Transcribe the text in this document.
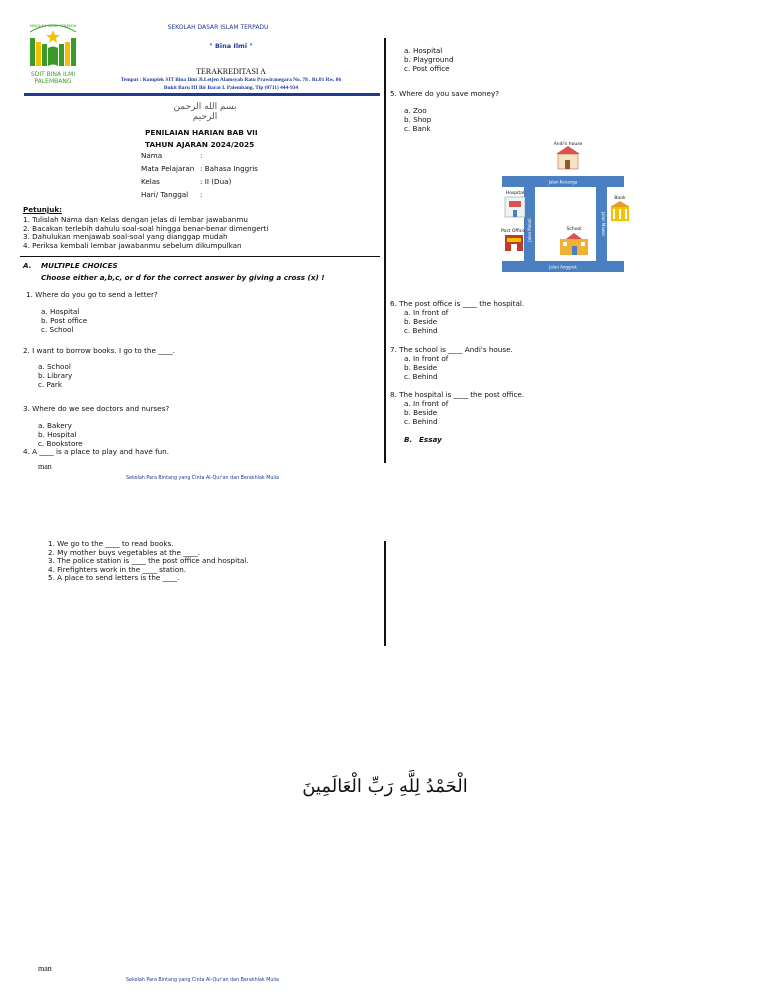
SEKOLAH ISLAM TERPADU
SDIT BINA ILMI
PALEMBANG
SEKOLAH DASAR ISLAM TERPADU
" Bina Ilmi "
TERAKREDITASI A
Tempat : Komplek SIT Bina Ilmi Jl.Letjen Alamsyah Ratu Prawiranegara No. 78 . Rt.01 Rw. 06
Bukit Baru III Ilir Barat I. Palembang. Tlp (0711) 444-934
بسم الله الرحمن الرحيم
PENILAIAN HARIAN BAB VII
TAHUN AJARAN 2024/2025
Nama	:
Mata Pelajaran : Bahasa Inggris
Kelas	: II (Dua)
Hari/ Tanggal :
Petunjuk:
1. Tulislah Nama dan Kelas dengan jelas di lembar jawabanmu
2. Bacakan terlebih dahulu soal-soal hingga benar-benar dimengerti
3. Dahulukan menjawab soal-soal yang dianggap mudah
4. Periksa kembali lembar jawabanmu sebelum dikumpulkan
A. MULTIPLE CHOICES
Choose either a,b,c, or d for the correct answer by giving a cross (x) !
1. Where do you go to send a letter?
a. Hospital
b. Post office
c. School
2. I want to borrow books. I go to the ____.
a. School
b. Library
c. Park
3. Where do we see doctors and nurses?
a. Bakery
b. Hospital
c. Bookstore
4. A ____ is a place to play and have fun.
man
Sekolah Para Bintang yang Cinta Al-Qur'an dan Berakhlak Mulia
a. Hospital
b. Playground
c. Post office
5. Where do you save money?
a. Zoo
b. Shop
c. Bank
Andi's house
Jalan Kenanga
Jalan Anggrek
Jalan Melati	Jalan Mawar
Hospital
Bank
Post Office	School
6. The post office is ____ the hospital.
a. In front of
b. Beside
c. Behind
7. The school is ____ Andi's house.
a. In front of
b. Beside
c. Behind
8. The hospital is ____ the post office.
a. In front of
b. Beside
c. Behind
B. Essay
1. We go to the ____ to read books.
2. My mother buys vegetables at the ____.
3. The police station is ____ the post office and hospital.
4. Firefighters work in the ____ station.
5. A place to send letters is the ____.
الْحَمْدُ لِلَّهِ رَبِّ الْعَالَمِينَ
man
Sekolah Para Bintang yang Cinta Al-Qur'an dan Berakhlak Mulia
